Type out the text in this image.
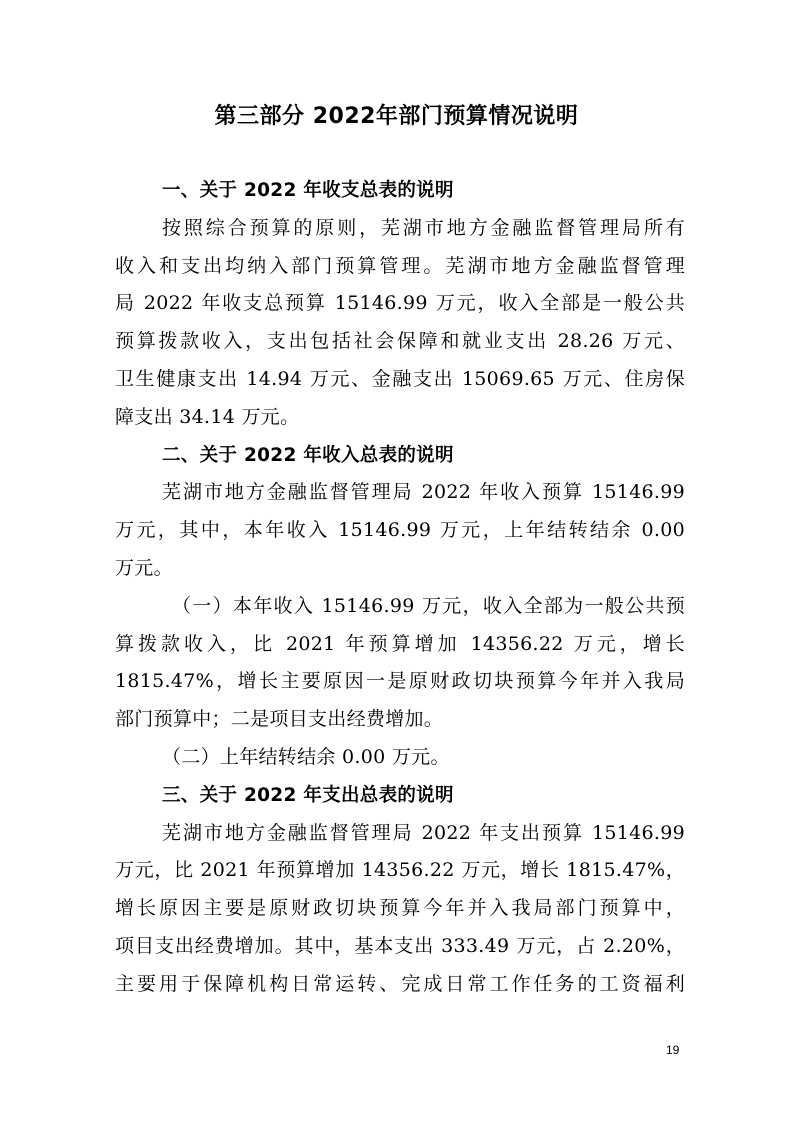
第三部分 2022年部门预算情况说明
一、关于 2022 年收支总表的说明
按照综合预算的原则，芜湖市地方金融监督管理局所有
收入和支出均纳入部门预算管理。芜湖市地方金融监督管理
局 2022 年收支总预算 15146.99 万元，收入全部是一般公共
预算拨款收入，支出包括社会保障和就业支出 28.26 万元、
卫生健康支出 14.94 万元、金融支出 15069.65 万元、住房保
障支出 34.14 万元。
二、关于 2022 年收入总表的说明
芜湖市地方金融监督管理局 2022 年收入预算 15146.99
万元，其中，本年收入 15146.99 万元，上年结转结余 0.00
万元。
（一）本年收入 15146.99 万元，收入全部为一般公共预
算拨款收入，比 2021 年预算增加 14356.22 万元，增长
1815.47%，增长主要原因一是原财政切块预算今年并入我局
部门预算中；二是项目支出经费增加。
（二）上年结转结余 0.00 万元。
三、关于 2022 年支出总表的说明
芜湖市地方金融监督管理局 2022 年支出预算 15146.99
万元，比 2021 年预算增加 14356.22 万元，增长 1815.47%，
增长原因主要是原财政切块预算今年并入我局部门预算中，
项目支出经费增加。其中，基本支出 333.49 万元，占 2.20%，
主要用于保障机构日常运转、完成日常工作任务的工资福利
19
